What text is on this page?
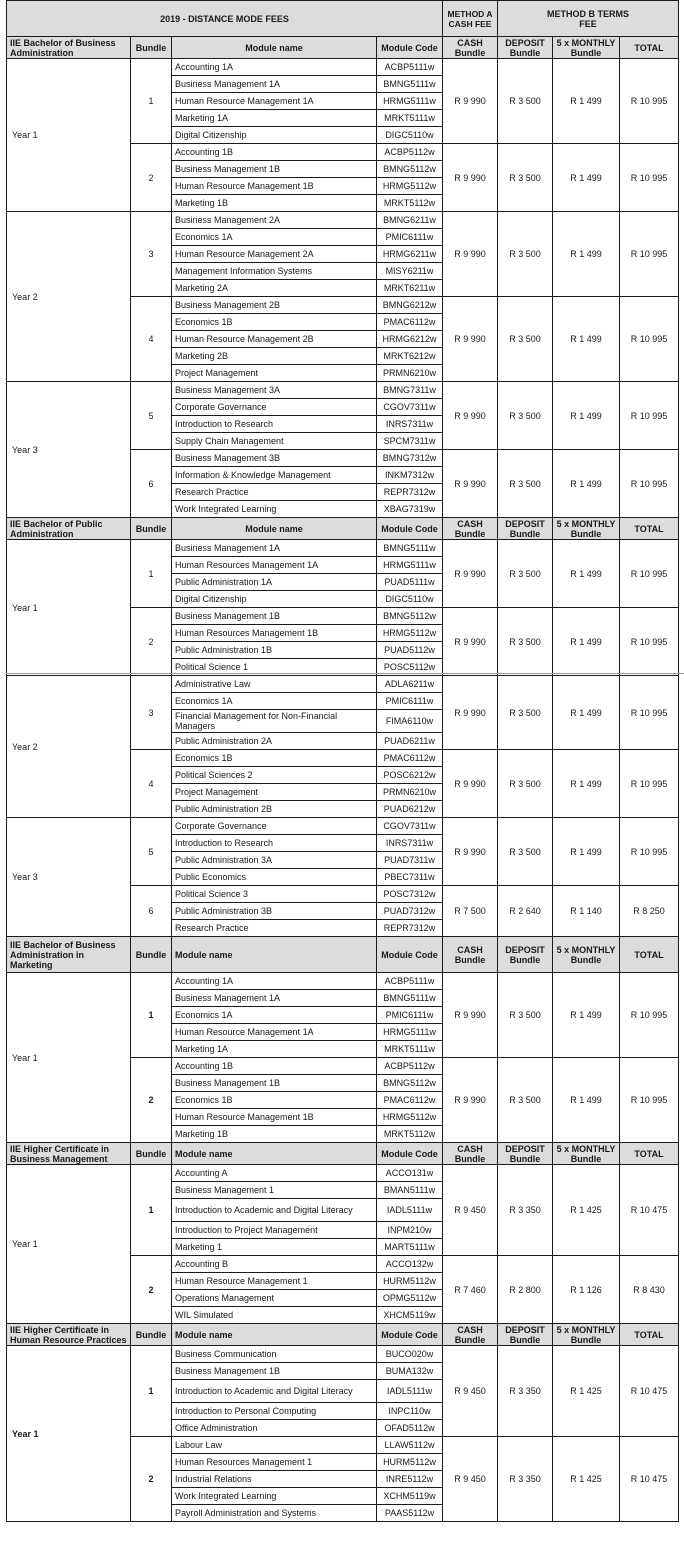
2019 - DISTANCE MODE FEES				METHOD A CASH FEE	METHOD B TERMS FEE		
IIE Bachelor of Business Administration	Bundle	Module name	Module Code	CASH Bundle	DEPOSIT Bundle	5 x MONTHLY Bundle	TOTAL
Year 1	1	Accounting 1A	ACBP5111w	R 9 990	R 3 500	R 1 499	R 10 995
		Business Management 1A	BMNG5111w				
		Human Resource Management 1A	HRMG5111w				
		Marketing 1A	MRKT5111w				
		Digital Citizenship	DIGC5110w				
	2	Accounting 1B	ACBP5112w	R 9 990	R 3 500	R 1 499	R 10 995
		Business Management 1B	BMNG5112w				
		Human Resource Management 1B	HRMG5112w				
		Marketing 1B	MRKT5112w				
Year 2	3	Business Management 2A	BMNG6211w	R 9 990	R 3 500	R 1 499	R 10 995
		Economics 1A	PMIC6111w				
		Human Resource Management 2A	HRMG6211w				
		Management Information Systems	MISY6211w				
		Marketing 2A	MRKT6211w				
	4	Business Management 2B	BMNG6212w	R 9 990	R 3 500	R 1 499	R 10 995
		Economics 1B	PMAC6112w				
		Human Resource Management 2B	HRMG6212w				
		Marketing 2B	MRKT6212w				
		Project Management	PRMN6210w				
Year 3	5	Business Management 3A	BMNG7311w	R 9 990	R 3 500	R 1 499	R 10 995
		Corporate Governance	CGOV7311w				
		Introduction to Research	INRS7311w				
		Supply Chain Management	SPCM7311w				
	6	Business Management 3B	BMNG7312w	R 9 990	R 3 500	R 1 499	R 10 995
		Information & Knowledge Management	INKM7312w				
		Research Practice	REPR7312w				
		Work Integrated Learning	XBAG7319w				
IIE Bachelor of Public Administration	Bundle	Module name	Module Code	CASH Bundle	DEPOSIT Bundle	5 x MONTHLY Bundle	TOTAL
Year 1	1	Business Management 1A	BMNG5111w	R 9 990	R 3 500	R 1 499	R 10 995
		Human Resources Management 1A	HRMG5111w				
		Public Administration 1A	PUAD5111w				
		Digital Citizenship	DIGC5110w				
	2	Business Management 1B	BMNG5112w	R 9 990	R 3 500	R 1 499	R 10 995
		Human Resources Management 1B	HRMG5112w				
		Public Administration 1B	PUAD5112w				
		Political Science 1	POSC5112w				
Year 2	3	Administrative Law	ADLA6211w	R 9 990	R 3 500	R 1 499	R 10 995
		Economics 1A	PMIC6111w				
		Financial Management for Non-Financial Managers	FIMA6110w				
		Public Administration 2A	PUAD6211w				
	4	Economics 1B	PMAC6112w	R 9 990	R 3 500	R 1 499	R 10 995
		Political Sciences 2	POSC6212w				
		Project Management	PRMN6210w				
		Public Administration 2B	PUAD6212w				
Year 3	5	Corporate Governance	CGOV7311w	R 9 990	R 3 500	R 1 499	R 10 995
		Introduction to Research	INRS7311w				
		Public Administration 3A	PUAD7311w				
		Public Economics	PBEC7311w				
	6	Political Science 3	POSC7312w	R 7 500	R 2 640	R 1 140	R 8 250
		Public Administration 3B	PUAD7312w				
		Research Practice	REPR7312w				
IIE Bachelor of Business Administration in Marketing	Bundle	Module name	Module Code	CASH Bundle	DEPOSIT Bundle	5 x MONTHLY Bundle	TOTAL
Year 1	1	Accounting 1A	ACBP5111w	R 9 990	R 3 500	R 1 499	R 10 995
		Business Management 1A	BMNG5111w				
		Economics 1A	PMIC6111w				
		Human Resource Management 1A	HRMG5111w				
		Marketing 1A	MRKT5111w				
	2	Accounting 1B	ACBP5112w	R 9 990	R 3 500	R 1 499	R 10 995
		Business Management 1B	BMNG5112w				
		Economics 1B	PMAC6112w				
		Human Resource Management 1B	HRMG5112w				
		Marketing 1B	MRKT5112w				
IIE Higher Certificate in Business Management	Bundle	Module name	Module Code	CASH Bundle	DEPOSIT Bundle	5 x MONTHLY Bundle	TOTAL
Year 1	1	Accounting A	ACCO131w	R 9 450	R 3 350	R 1 425	R 10 475
		Business Management 1	BMAN5111w				
		Introduction to Academic and Digital Literacy	IADL5111w				
		Introduction to Project Management	INPM210w				
		Marketing 1	MART5111w				
	2	Accounting B	ACCO132w	R 7 460	R 2 800	R 1 126	R 8 430
		Human Resource Management 1	HURM5112w				
		Operations Management	OPMG5112w				
		WIL Simulated	XHCM5119w				
IIE Higher Certificate in Human Resource Practices	Bundle	Module name	Module Code	CASH Bundle	DEPOSIT Bundle	5 x MONTHLY Bundle	TOTAL
Year 1	1	Business Communication	BUCO020w	R 9 450	R 3 350	R 1 425	R 10 475
		Business Management 1B	BUMA132w				
		Introduction to Academic and Digital Literacy	IADL5111w				
		Introduction to Personal Computing	INPC110w				
		Office Administration	OFAD5112w				
	2	Labour Law	LLAW5112w	R 9 450	R 3 350	R 1 425	R 10 475
		Human Resources Management 1	HURM5112w				
		Industrial Relations	INRE5112w				
		Work Integrated Learning	XCHM5119w				
		Payroll Administration and Systems	PAAS5112w				
